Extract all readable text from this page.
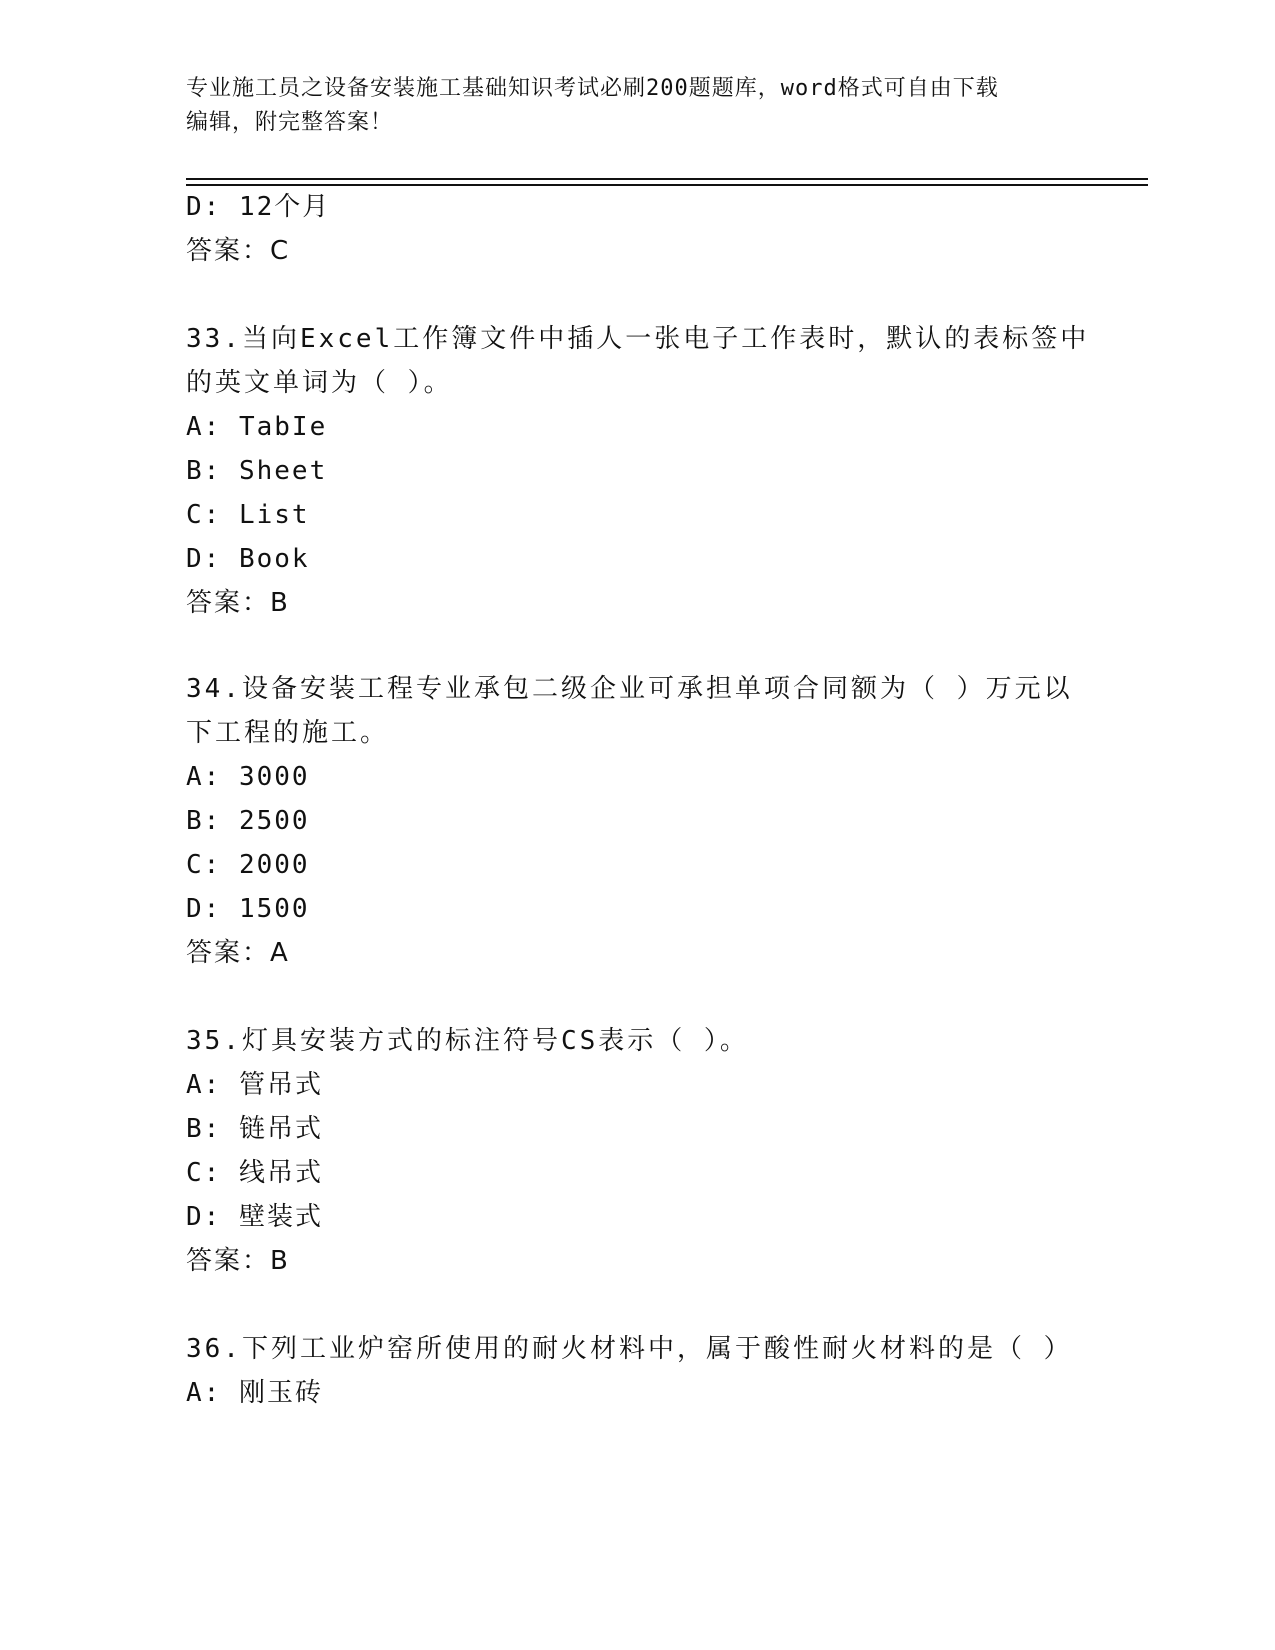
专业施工员之设备安装施工基础知识考试必刷200题题库，word格式可自由下载
编辑，附完整答案！
D: 12个月
答案：C
33.当向Excel工作簿文件中插人一张电子工作表时，默认的表标签中
的英文单词为（ ）。
A: TabIe
B: Sheet
C: List
D: Book
答案：B
34.设备安装工程专业承包二级企业可承担单项合同额为（ ）万元以
下工程的施工。
A: 3000
B: 2500
C: 2000
D: 1500
答案：A
35.灯具安装方式的标注符号CS表示（ ）。
A: 管吊式
B: 链吊式
C: 线吊式
D: 壁装式
答案：B
36.下列工业炉窑所使用的耐火材料中，属于酸性耐火材料的是（ ）
A: 刚玉砖
